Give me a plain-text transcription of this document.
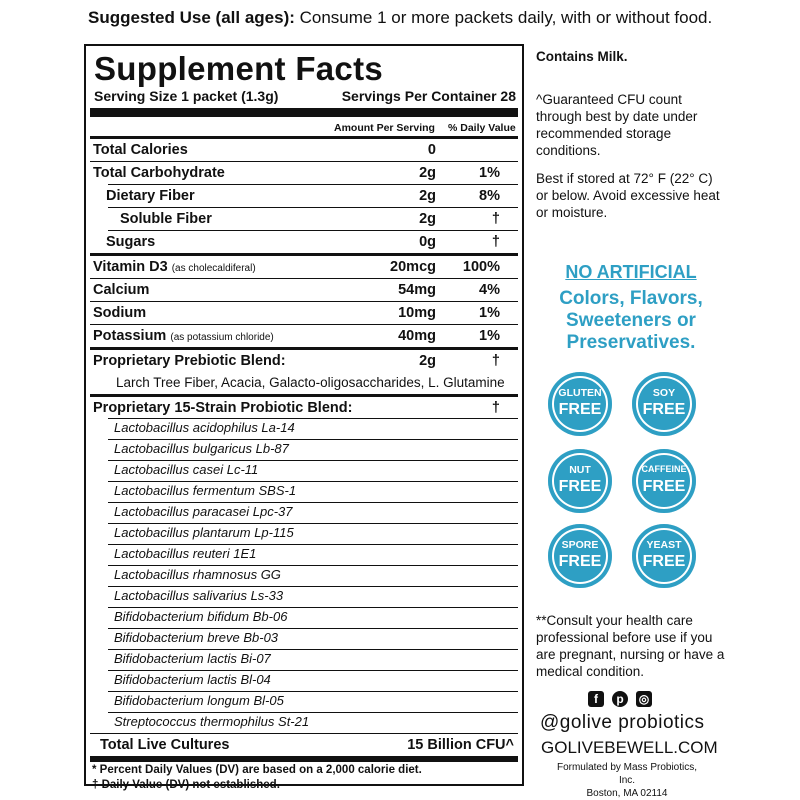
Suggested Use (all ages): Consume 1 or more packets daily, with or without food.
Supplement Facts
Serving Size 1 packet (1.3g)	Servings Per Container 28
Amount Per Serving % Daily Value
Total Calories	0
Total Carbohydrate	2g	1%
Dietary Fiber	2g	8%
Soluble Fiber	2g	†
Sugars	0g	†
Vitamin D3 (as cholecaldiferal)	20mcg 100%
Calcium	54mg	4%
Sodium	10mg	1%
Potassium (as potassium chloride)	40mg	1%
Proprietary Prebiotic Blend:	2g	†
Larch Tree Fiber, Acacia, Galacto-oligosaccharides, L. Glutamine
Proprietary 15-Strain Probiotic Blend:	†
Lactobacillus acidophilus La-14
Lactobacillus bulgaricus Lb-87
Lactobacillus casei Lc-11
Lactobacillus fermentum SBS-1
Lactobacillus paracasei Lpc-37
Lactobacillus plantarum Lp-115
Lactobacillus reuteri 1E1
Lactobacillus rhamnosus GG
Lactobacillus salivarius Ls-33
Bifidobacterium bifidum Bb-06
Bifidobacterium breve Bb-03
Bifidobacterium lactis Bi-07
Bifidobacterium lactis Bl-04
Bifidobacterium longum Bl-05
Streptococcus thermophilus St-21
Total Live Cultures	15 Billion CFU^
* Percent Daily Values (DV) are based on a 2,000 calorie diet.
† Daily Value (DV) not established.
Contains Milk.
^Guaranteed CFU count through best by date under recommended storage conditions.
Best if stored at 72° F (22° C) or below. Avoid excessive heat or moisture.
NO ARTIFICIAL
Colors, Flavors, Sweeteners or Preservatives.
GLUTEN
FREE
SOY
FREE
NUT
FREE
CAFFEINE
FREE
SPORE
FREE
YEAST
FREE
**Consult your health care professional before use if you are pregnant, nursing or have a medical condition.
f	p	◎
@golive probiotics
GOLIVEBEWELL.COM
Formulated by Mass Probiotics, Inc.
Boston, MA 02114
